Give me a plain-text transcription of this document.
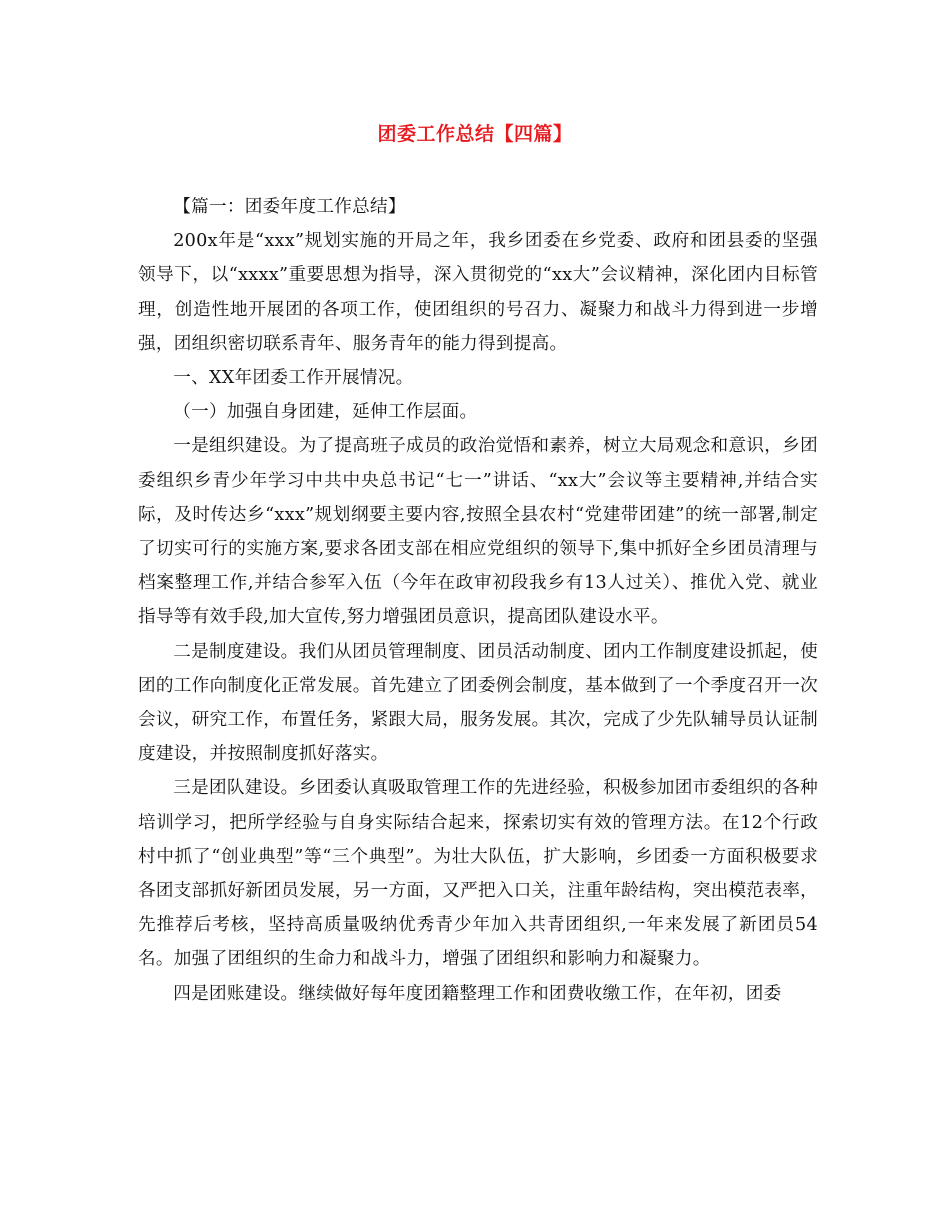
团委工作总结【四篇】

【篇一：团委年度工作总结】

200x年是“xxx”规划实施的开局之年，我乡团委在乡党委、政府和团县委的坚强领导下，以“xxxx”重要思想为指导，深入贯彻党的“xx大”会议精神，深化团内目标管理，创造性地开展团的各项工作，使团组织的号召力、凝聚力和战斗力得到进一步增强，团组织密切联系青年、服务青年的能力得到提高。

一、XX年团委工作开展情况。

（一）加强自身团建，延伸工作层面。

一是组织建设。为了提高班子成员的政治觉悟和素养，树立大局观念和意识，乡团委组织乡青少年学习中共中央总书记“七一”讲话、“xx大”会议等主要精神,并结合实际，及时传达乡“xxx”规划纲要主要内容,按照全县农村“党建带团建”的统一部署,制定了切实可行的实施方案,要求各团支部在相应党组织的领导下,集中抓好全乡团员清理与档案整理工作,并结合参军入伍（今年在政审初段我乡有13人过关）、推优入党、就业指导等有效手段,加大宣传,努力增强团员意识，提高团队建设水平。

二是制度建设。我们从团员管理制度、团员活动制度、团内工作制度建设抓起，使团的工作向制度化正常发展。首先建立了团委例会制度，基本做到了一个季度召开一次会议，研究工作，布置任务，紧跟大局，服务发展。其次，完成了少先队辅导员认证制度建设，并按照制度抓好落实。

三是团队建设。乡团委认真吸取管理工作的先进经验，积极参加团市委组织的各种培训学习，把所学经验与自身实际结合起来，探索切实有效的管理方法。在12个行政村中抓了“创业典型”等“三个典型”。为壮大队伍，扩大影响，乡团委一方面积极要求各团支部抓好新团员发展，另一方面，又严把入口关，注重年龄结构，突出模范表率，先推荐后考核，坚持高质量吸纳优秀青少年加入共青团组织,一年来发展了新团员54名。加强了团组织的生命力和战斗力，增强了团组织和影响力和凝聚力。

四是团账建设。继续做好每年度团籍整理工作和团费收缴工作，在年初，团委
